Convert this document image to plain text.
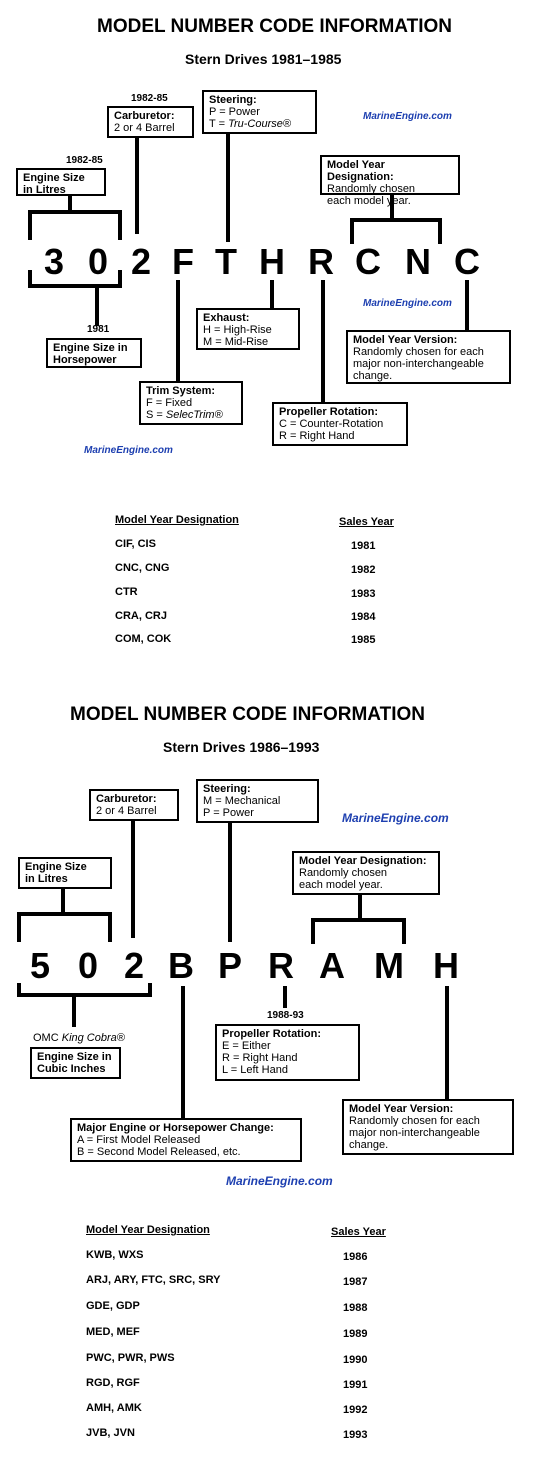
MODEL NUMBER CODE INFORMATION
Stern Drives 1981–1985
3 0 2 F T H R C N C
1982-85
Carburetor:
2 or 4 Barrel
Steering:
P = Power
T = Tru-Course®
MarineEngine.com
1982-85
Engine Size
in Litres
Model Year Designation:
Randomly chosen
each model year.
MarineEngine.com
Exhaust:
H = High-Rise
M = Mid-Rise
1981
Engine Size in
Horsepower
Model Year Version:
Randomly chosen for each
major non-interchangeable
change.
Trim System:
F = Fixed
S = SelecTrim®	Propeller Rotation:
C = Counter-Rotation
R = Right Hand
MarineEngine.com
Model Year Designation	Sales Year
CIF, CIS	1981
CNC, CNG	1982
CTR	1983
CRA, CRJ	1984
COM, COK	1985
MODEL NUMBER CODE INFORMATION
Stern Drives 1986–1993
Steering:
M = Mechanical
P = Power
Carburetor:
2 or 4 Barrel	MarineEngine.com
Engine Size
in Litres
Model Year Designation:
Randomly chosen
each model year.
5 0 2 B P R A M H
OMC King Cobra®
Engine Size in
Cubic Inches
1988-93
Propeller Rotation:
E = Either
R = Right Hand
L = Left Hand
Model Year Version:
Randomly chosen for each
major non-interchangeable
change.
Major Engine or Horsepower Change:
A = First Model Released
B = Second Model Released, etc.
MarineEngine.com
Model Year Designation	Sales Year
KWB, WXS	1986
ARJ, ARY, FTC, SRC, SRY	1987
GDE, GDP	1988
MED, MEF	1989
PWC, PWR, PWS	1990
RGD, RGF	1991
AMH, AMK	1992
JVB, JVN	1993
